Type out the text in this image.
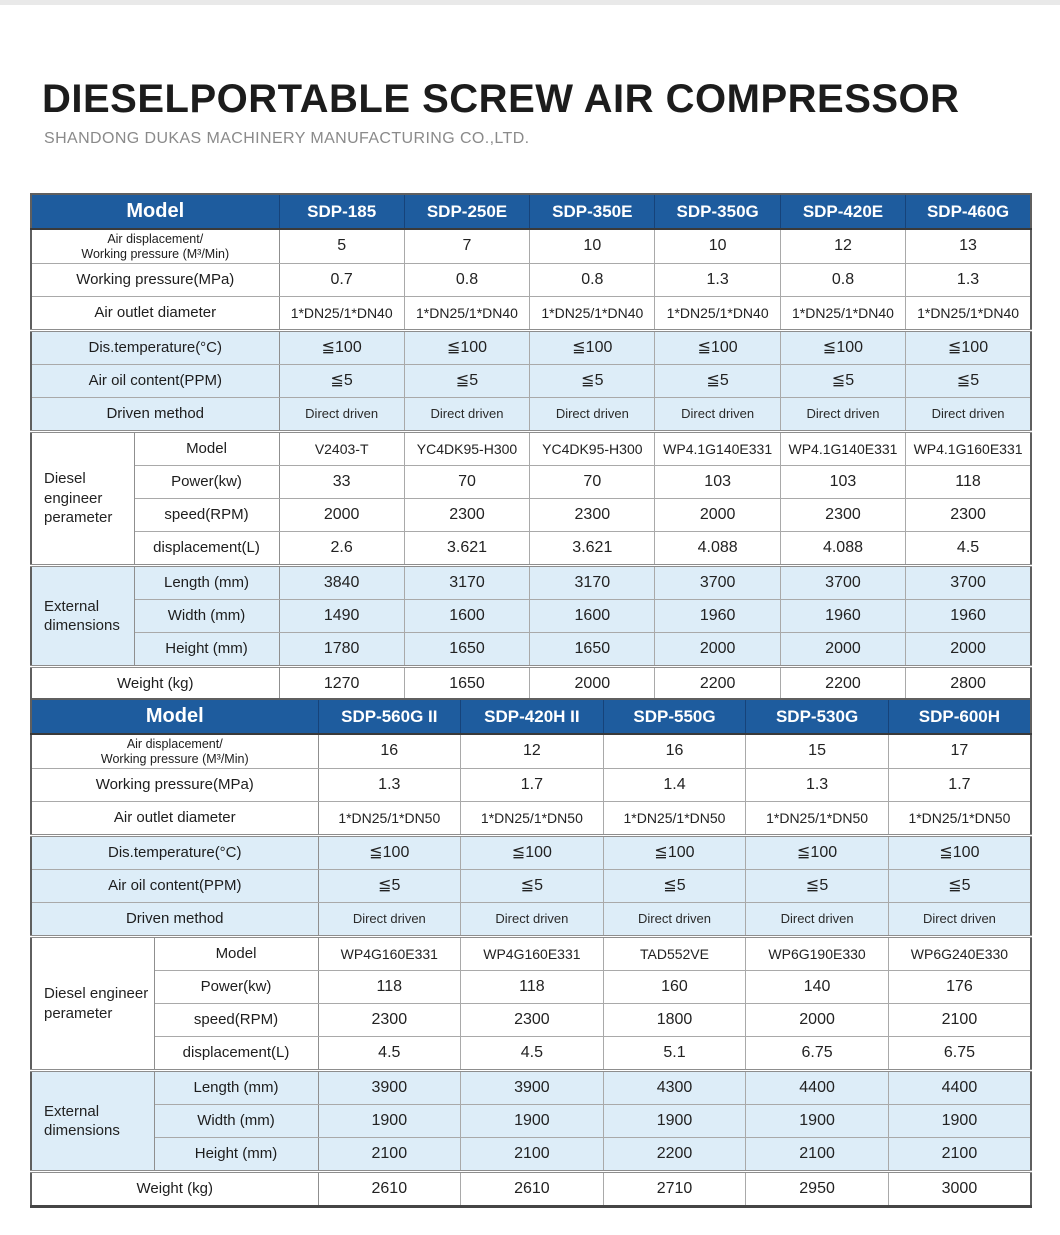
DIESELPORTABLE SCREW AIR COMPRESSOR
SHANDONG DUKAS MACHINERY MANUFACTURING CO.,LTD.
Model		SDP-185	SDP-250E	SDP-350E	SDP-350G	SDP-420E	SDP-460G
Air displacement/
Working pressure (M³/Min)		5	7	10	10	12	13
Working pressure(MPa)		0.7	0.8	0.8	1.3	0.8	1.3
Air outlet diameter		1*DN25/1*DN40	1*DN25/1*DN40	1*DN25/1*DN40	1*DN25/1*DN40	1*DN25/1*DN40	1*DN25/1*DN40
Dis.temperature(°C)		≦100	≦100	≦100	≦100	≦100	≦100
Air oil content(PPM)		≦5	≦5	≦5	≦5	≦5	≦5
Driven method		Direct driven	Direct driven	Direct driven	Direct driven	Direct driven	Direct driven
Diesel engineer perameter	Model	V2403-T	YC4DK95-H300	YC4DK95-H300	WP4.1G140E331	WP4.1G140E331	WP4.1G160E331
	Power(kw)	33	70	70	103	103	118
	speed(RPM)	2000	2300	2300	2000	2300	2300
	displacement(L)	2.6	3.621	3.621	4.088	4.088	4.5
External dimensions	Length (mm)	3840	3170	3170	3700	3700	3700
	Width (mm)	1490	1600	1600	1960	1960	1960
	Height (mm)	1780	1650	1650	2000	2000	2000
Weight (kg)		1270	1650	2000	2200	2200	2800
Model		SDP-560G II	SDP-420H II	SDP-550G	SDP-530G	SDP-600H
Air displacement/
Working pressure (M³/Min)		16	12	16	15	17
Working pressure(MPa)		1.3	1.7	1.4	1.3	1.7
Air outlet diameter		1*DN25/1*DN50	1*DN25/1*DN50	1*DN25/1*DN50	1*DN25/1*DN50	1*DN25/1*DN50
Dis.temperature(°C)		≦100	≦100	≦100	≦100	≦100
Air oil content(PPM)		≦5	≦5	≦5	≦5	≦5
Driven method		Direct driven	Direct driven	Direct driven	Direct driven	Direct driven
Diesel engineer perameter	Model	WP4G160E331	WP4G160E331	TAD552VE	WP6G190E330	WP6G240E330
	Power(kw)	118	118	160	140	176
	speed(RPM)	2300	2300	1800	2000	2100
	displacement(L)	4.5	4.5	5.1	6.75	6.75
External dimensions	Length (mm)	3900	3900	4300	4400	4400
	Width (mm)	1900	1900	1900	1900	1900
	Height (mm)	2100	2100	2200	2100	2100
Weight (kg)		2610	2610	2710	2950	3000
